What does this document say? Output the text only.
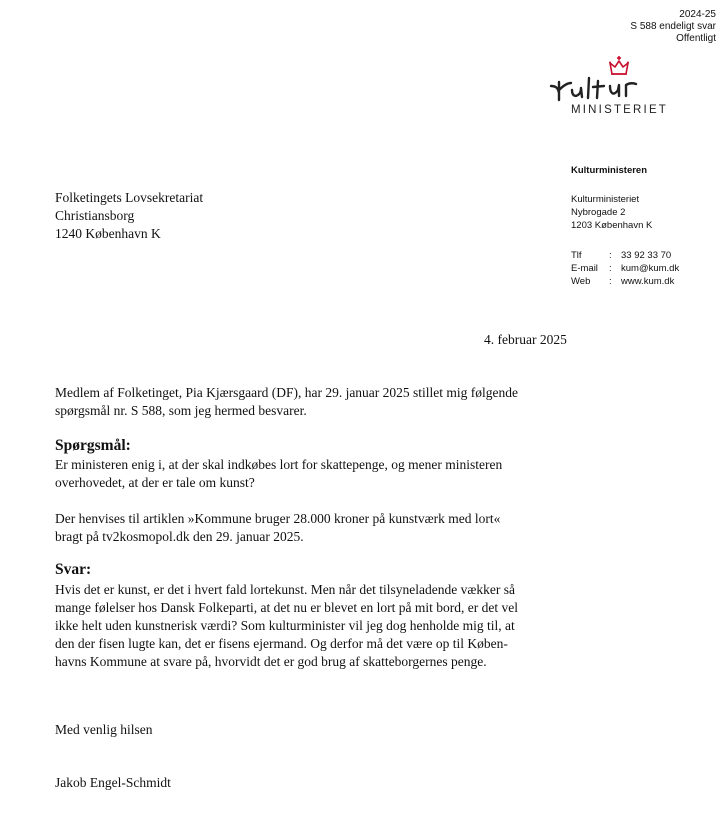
2024-25
S 588 endeligt svar
Offentligt
MINISTERIET
Kulturministeren
Kulturministeriet
Nybrogade 2
1203 København K
Tlf	: 33 92 33 70
E-mail	: kum@kum.dk
Web	: www.kum.dk
Folketingets Lovsekretariat
Christiansborg
1240 København K
4. februar 2025
Medlem af Folketinget, Pia Kjærsgaard (DF), har 29. januar 2025 stillet mig følgende
spørgsmål nr. S 588, som jeg hermed besvarer.
Spørgsmål:
Er ministeren enig i, at der skal indkøbes lort for skattepenge, og mener ministeren
overhovedet, at der er tale om kunst?
Der henvises til artiklen »Kommune bruger 28.000 kroner på kunstværk med lort«
bragt på tv2kosmopol.dk den 29. januar 2025.
Svar:
Hvis det er kunst, er det i hvert fald lortekunst. Men når det tilsyneladende vækker så
mange følelser hos Dansk Folkeparti, at det nu er blevet en lort på mit bord, er det vel
ikke helt uden kunstnerisk værdi? Som kulturminister vil jeg dog henholde mig til, at
den der fisen lugte kan, det er fisens ejermand. Og derfor må det være op til Køben-
havns Kommune at svare på, hvorvidt det er god brug af skatteborgernes penge.
Med venlig hilsen
Jakob Engel-Schmidt
